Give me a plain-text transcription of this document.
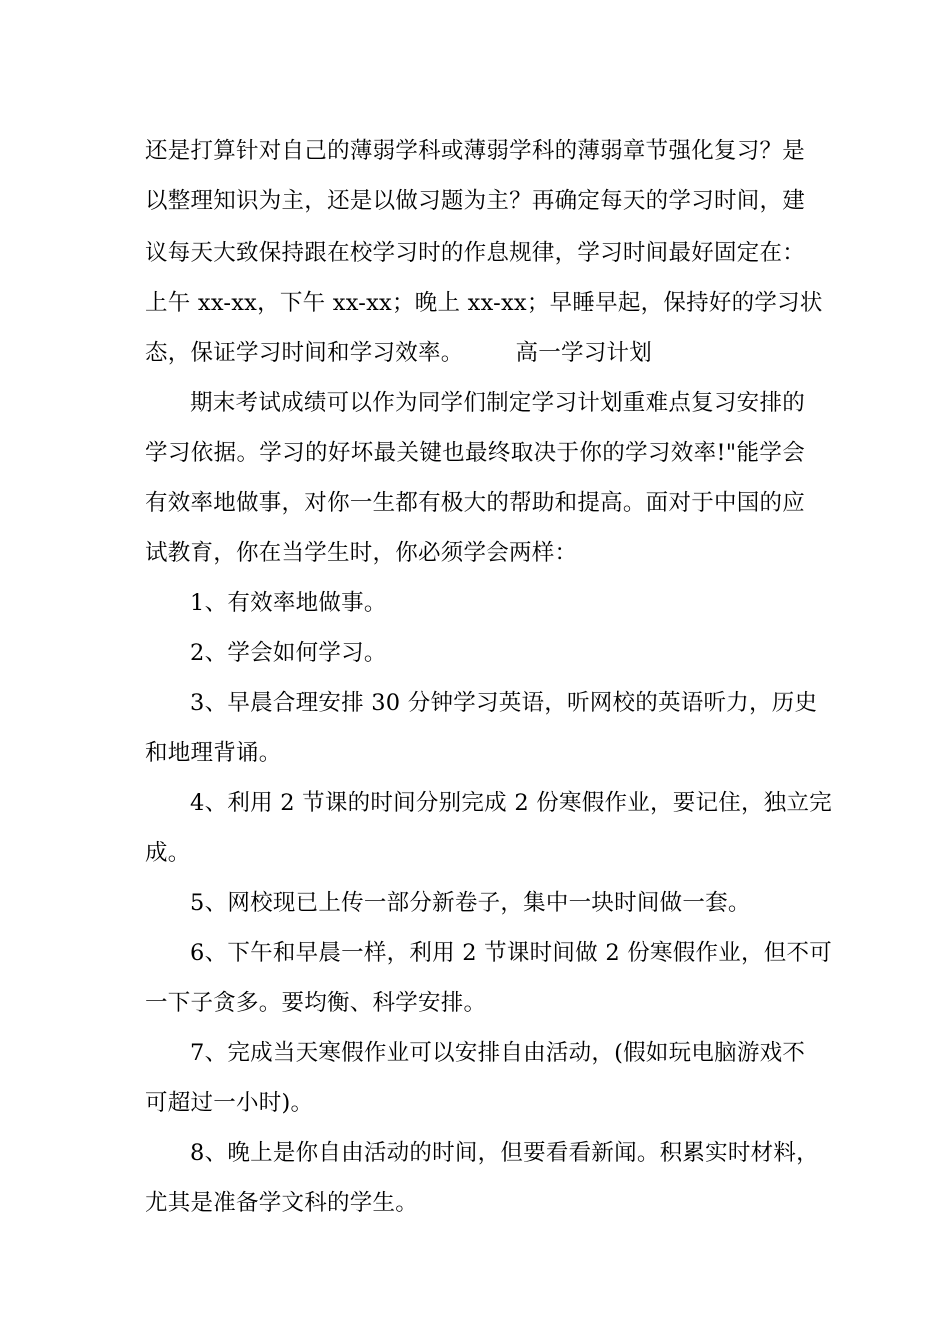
还是打算针对自己的薄弱学科或薄弱学科的薄弱章节强化复习？是
以整理知识为主，还是以做习题为主？再确定每天的学习时间，建
议每天大致保持跟在校学习时的作息规律，学习时间最好固定在：
上午 xx-xx，下午 xx-xx；晚上 xx-xx；早睡早起，保持好的学习状
态，保证学习时间和学习效率。 高一学习计划
期末考试成绩可以作为同学们制定学习计划重难点复习安排的
学习依据。学习的好坏最关键也最终取决于你的学习效率!"能学会
有效率地做事，对你一生都有极大的帮助和提高。面对于中国的应
试教育，你在当学生时，你必须学会两样：
1、有效率地做事。
2、学会如何学习。
3、早晨合理安排 30 分钟学习英语，听网校的英语听力，历史
和地理背诵。
4、利用 2 节课的时间分别完成 2 份寒假作业，要记住，独立完
成。
5、网校现已上传一部分新卷子，集中一块时间做一套。
6、下午和早晨一样，利用 2 节课时间做 2 份寒假作业，但不可
一下子贪多。要均衡、科学安排。
7、完成当天寒假作业可以安排自由活动，(假如玩电脑游戏不
可超过一小时)。
8、晚上是你自由活动的时间，但要看看新闻。积累实时材料，
尤其是准备学文科的学生。
